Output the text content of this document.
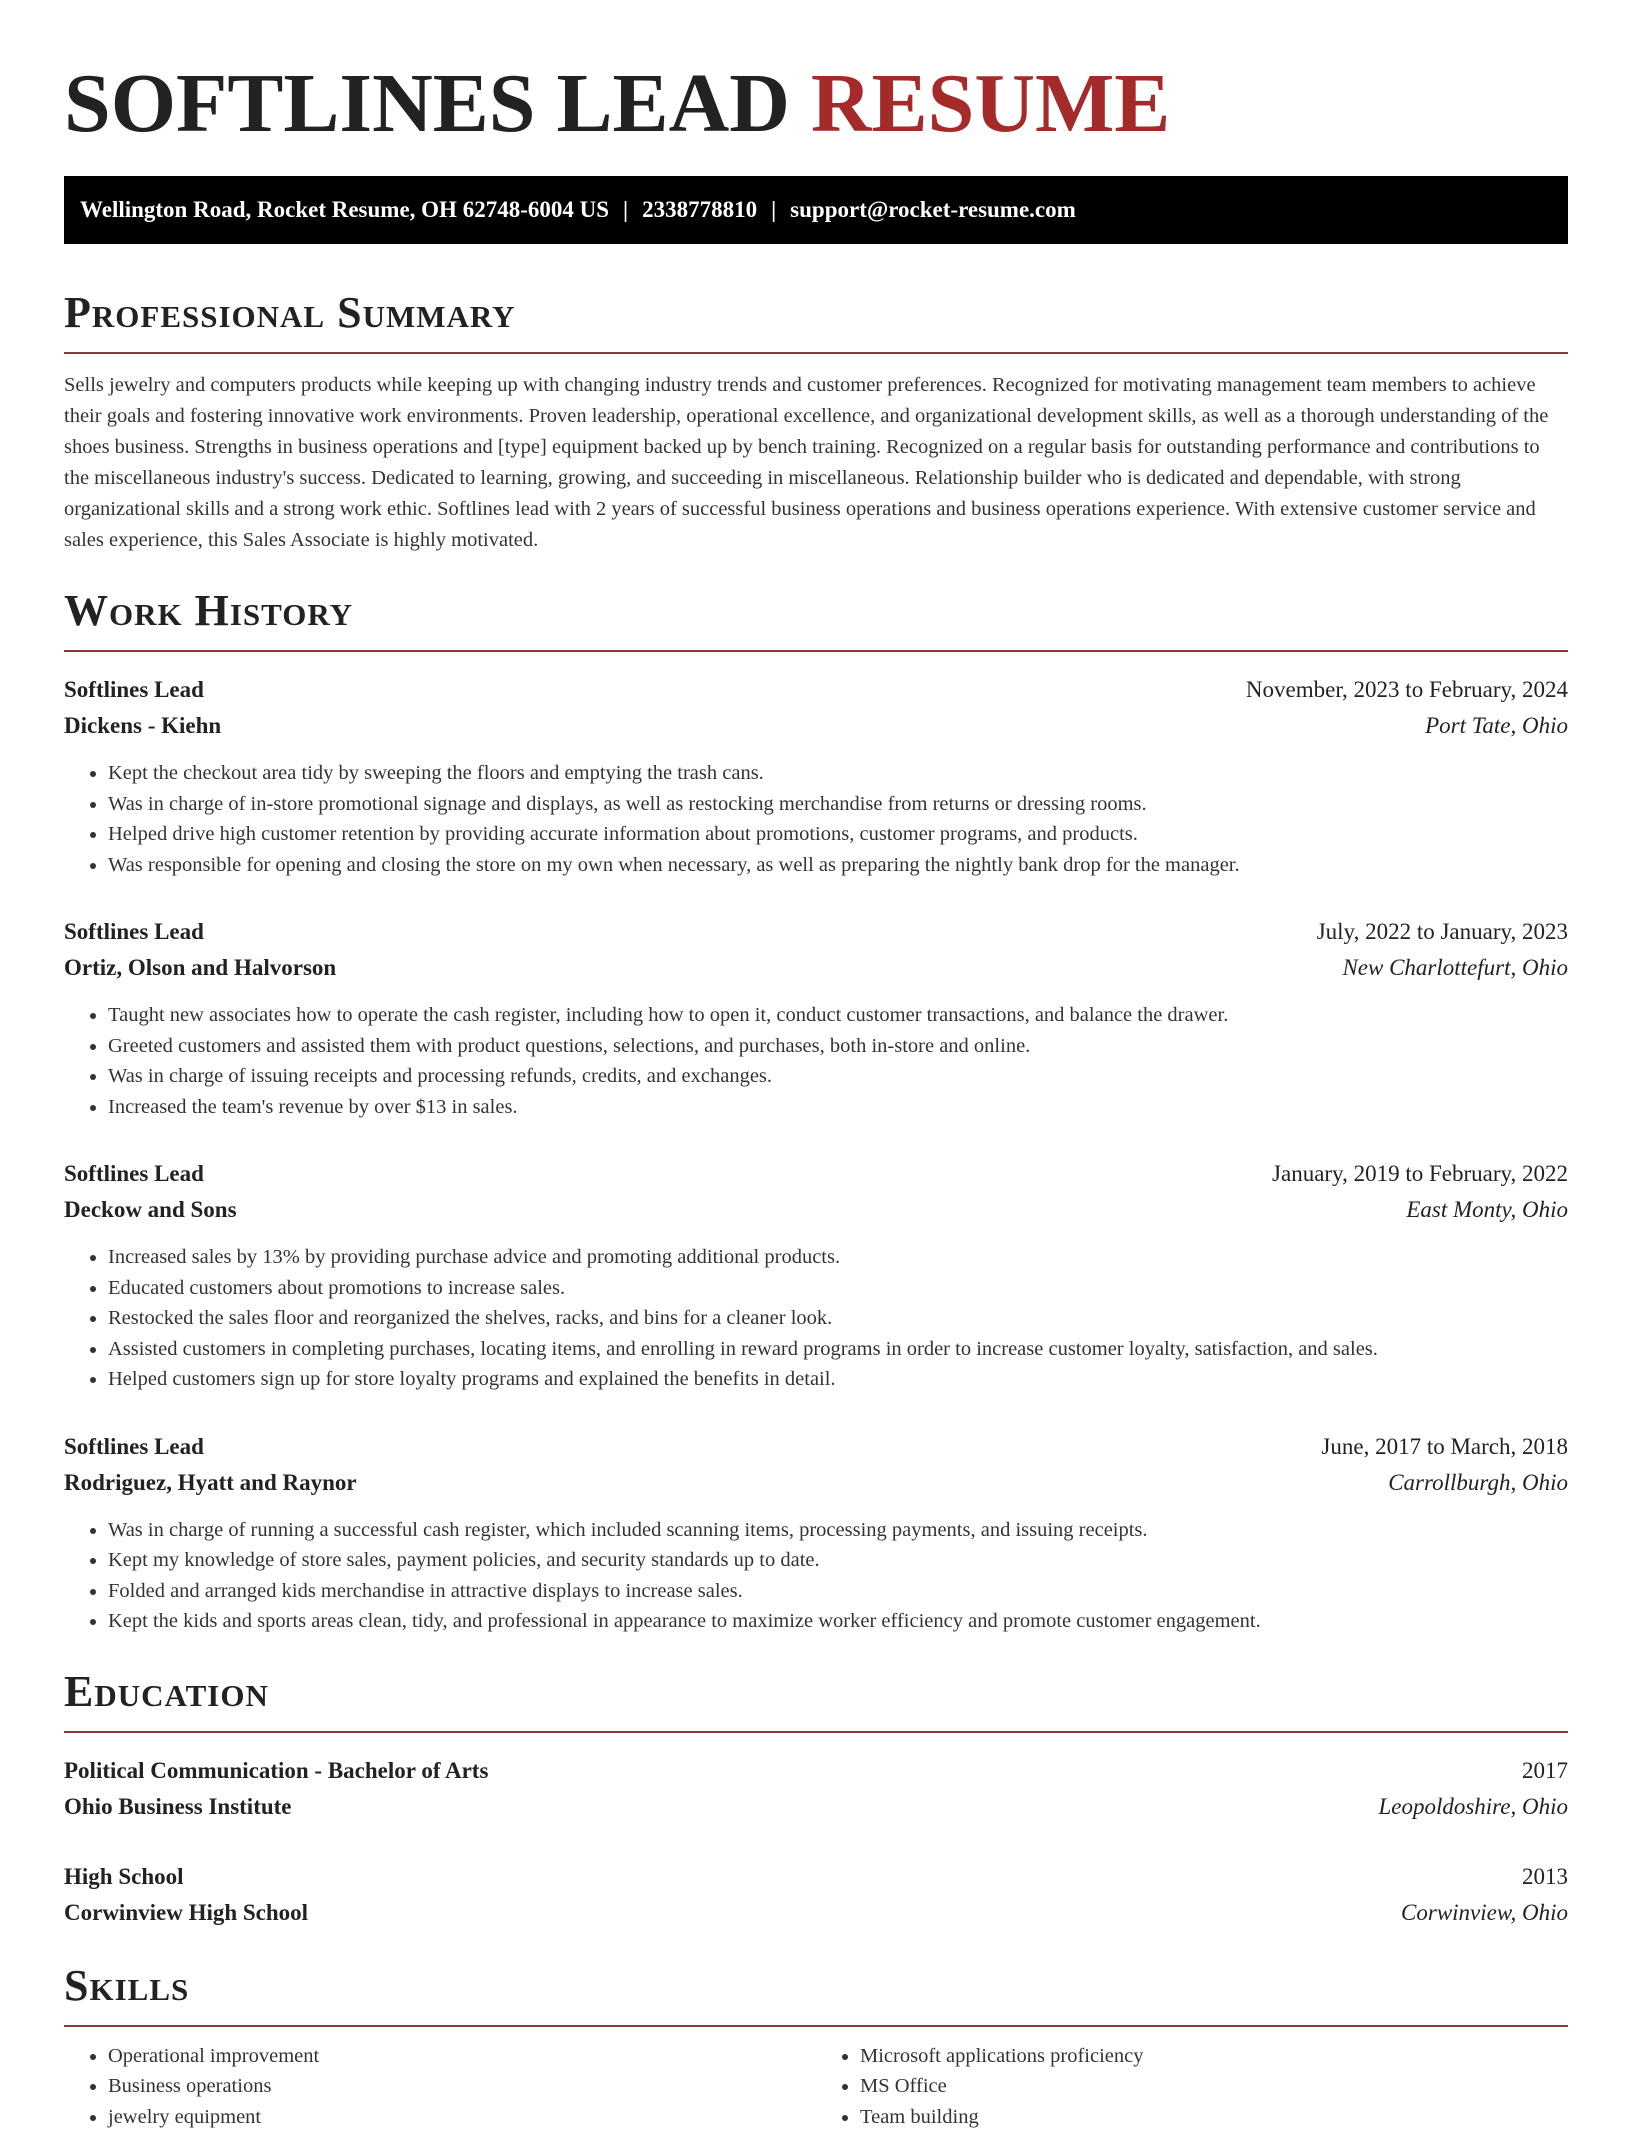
SOFTLINES LEAD RESUME
Wellington Road, Rocket Resume, OH 62748-6004 US | 2338778810 | support@rocket-resume.com
Professional Summary

Sells jewelry and computers products while keeping up with changing industry trends and customer preferences. Recognized for motivating management team members to achieve their goals and fostering innovative work environments. Proven leadership, operational excellence, and organizational development skills, as well as a thorough understanding of the shoes business. Strengths in business operations and [type] equipment backed up by bench training. Recognized on a regular basis for outstanding performance and contributions to the miscellaneous industry's success. Dedicated to learning, growing, and succeeding in miscellaneous. Relationship builder who is dedicated and dependable, with strong organizational skills and a strong work ethic. Softlines lead with 2 years of successful business operations and business operations experience. With extensive customer service and sales experience, this Sales Associate is highly motivated.

Work History
Softlines Lead	November, 2023 to February, 2024
Dickens - Kiehn	Port Tate, Ohio
• Kept the checkout area tidy by sweeping the floors and emptying the trash cans.
• Was in charge of in-store promotional signage and displays, as well as restocking merchandise from returns or dressing rooms.
• Helped drive high customer retention by providing accurate information about promotions, customer programs, and products.
• Was responsible for opening and closing the store on my own when necessary, as well as preparing the nightly bank drop for the manager.
Softlines Lead	July, 2022 to January, 2023
Ortiz, Olson and Halvorson	New Charlottefurt, Ohio
• Taught new associates how to operate the cash register, including how to open it, conduct customer transactions, and balance the drawer.
• Greeted customers and assisted them with product questions, selections, and purchases, both in-store and online.
• Was in charge of issuing receipts and processing refunds, credits, and exchanges.
• Increased the team's revenue by over $13 in sales.
Softlines Lead	January, 2019 to February, 2022
Deckow and Sons	East Monty, Ohio
• Increased sales by 13% by providing purchase advice and promoting additional products.
• Educated customers about promotions to increase sales.
• Restocked the sales floor and reorganized the shelves, racks, and bins for a cleaner look.
• Assisted customers in completing purchases, locating items, and enrolling in reward programs in order to increase customer loyalty, satisfaction, and sales.
• Helped customers sign up for store loyalty programs and explained the benefits in detail.
Softlines Lead	June, 2017 to March, 2018
Rodriguez, Hyatt and Raynor	Carrollburgh, Ohio
• Was in charge of running a successful cash register, which included scanning items, processing payments, and issuing receipts.
• Kept my knowledge of store sales, payment policies, and security standards up to date.
• Folded and arranged kids merchandise in attractive displays to increase sales.
• Kept the kids and sports areas clean, tidy, and professional in appearance to maximize worker efficiency and promote customer engagement.
Education
Political Communication - Bachelor of Arts	2017
Ohio Business Institute	Leopoldoshire, Ohio
High School	2013
Corwinview High School	Corwinview, Ohio
Skills
• Operational improvement
• Business operations
• jewelry equipment
• Microsoft applications proficiency
• MS Office
• Team building
